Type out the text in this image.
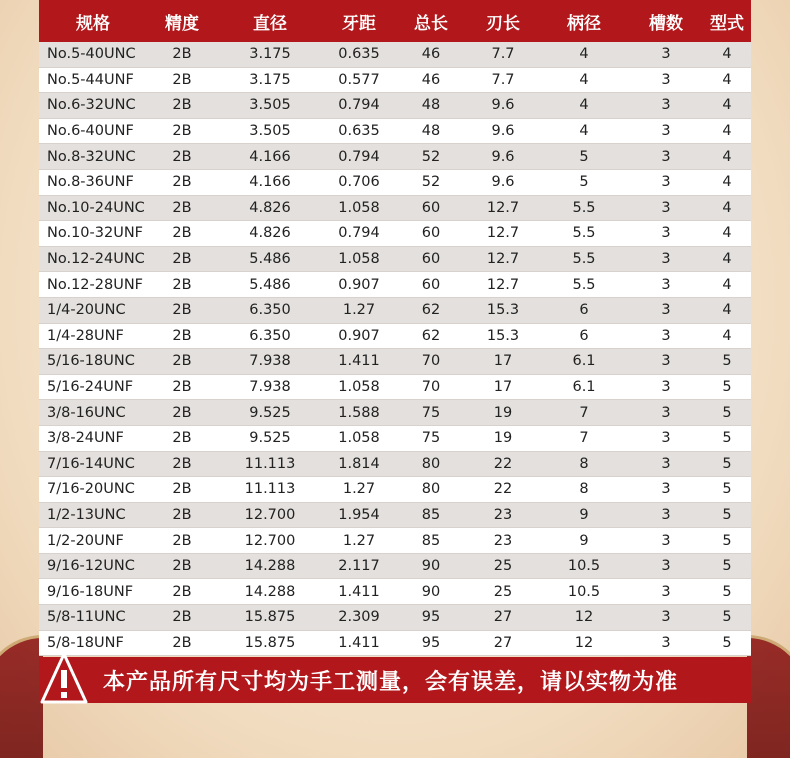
规格	精度	直径	牙距	总长	刃长	柄径	槽数	型式
No.5-40UNC	2B	3.175	0.635	46	7.7	4	3	4
No.5-44UNF	2B	3.175	0.577	46	7.7	4	3	4
No.6-32UNC	2B	3.505	0.794	48	9.6	4	3	4
No.6-40UNF	2B	3.505	0.635	48	9.6	4	3	4
No.8-32UNC	2B	4.166	0.794	52	9.6	5	3	4
No.8-36UNF	2B	4.166	0.706	52	9.6	5	3	4
No.10-24UNC	2B	4.826	1.058	60	12.7	5.5	3	4
No.10-32UNF	2B	4.826	0.794	60	12.7	5.5	3	4
No.12-24UNC	2B	5.486	1.058	60	12.7	5.5	3	4
No.12-28UNF	2B	5.486	0.907	60	12.7	5.5	3	4
1/4-20UNC	2B	6.350	1.27	62	15.3	6	3	4
1/4-28UNF	2B	6.350	0.907	62	15.3	6	3	4
5/16-18UNC	2B	7.938	1.411	70	17	6.1	3	5
5/16-24UNF	2B	7.938	1.058	70	17	6.1	3	5
3/8-16UNC	2B	9.525	1.588	75	19	7	3	5
3/8-24UNF	2B	9.525	1.058	75	19	7	3	5
7/16-14UNC	2B	11.113	1.814	80	22	8	3	5
7/16-20UNC	2B	11.113	1.27	80	22	8	3	5
1/2-13UNC	2B	12.700	1.954	85	23	9	3	5
1/2-20UNF	2B	12.700	1.27	85	23	9	3	5
9/16-12UNC	2B	14.288	2.117	90	25	10.5	3	5
9/16-18UNF	2B	14.288	1.411	90	25	10.5	3	5
5/8-11UNC	2B	15.875	2.309	95	27	12	3	5
5/8-18UNF	2B	15.875	1.411	95	27	12	3	5
本产品所有尺寸均为手工测量，会有误差，请以实物为准
